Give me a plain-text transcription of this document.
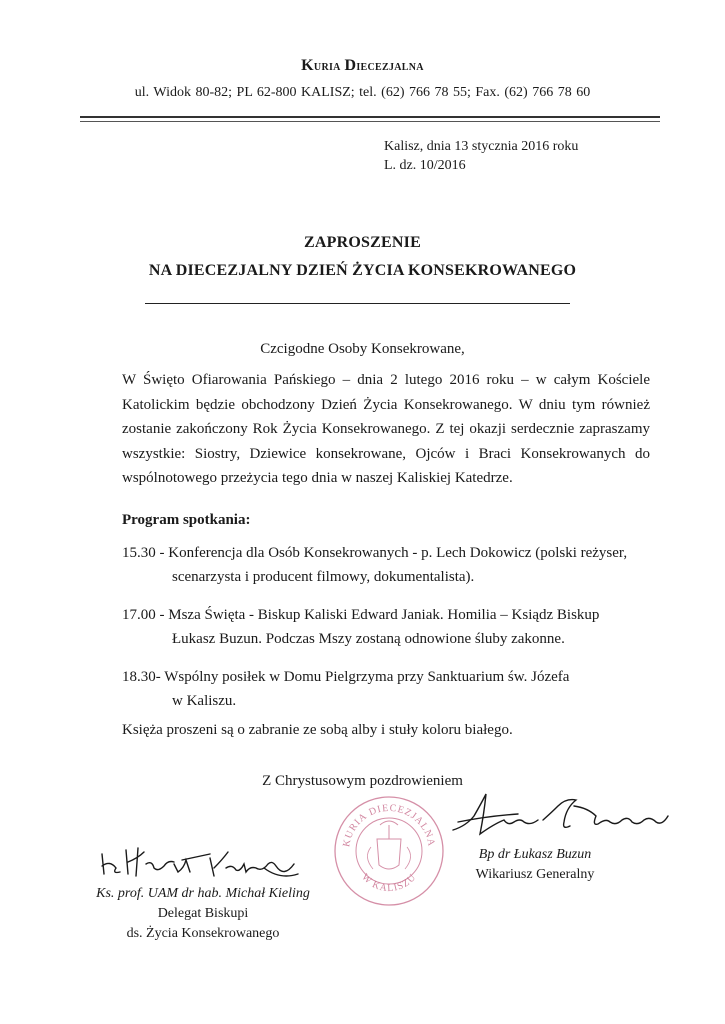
Kuria Diecezjalna
ul. Widok 80-82; PL 62-800 KALISZ; tel. (62) 766 78 55; Fax. (62) 766 78 60
Kalisz, dnia 13 stycznia 2016 roku
L. dz. 10/2016
ZAPROSZENIE
NA DIECEZJALNY DZIEŃ ŻYCIA KONSEKROWANEGO
Czcigodne Osoby Konsekrowane,

W Święto Ofiarowania Pańskiego – dnia 2 lutego 2016 roku – w całym Kościele Katolickim będzie obchodzony Dzień Życia Konsekrowanego. W dniu tym również zostanie zakończony Rok Życia Konsekrowanego. Z tej okazji serdecznie zapraszamy wszystkie: Siostry, Dziewice konsekrowane, Ojców i Braci Konsekrowanych do wspólnotowego przeżycia tego dnia w naszej Kaliskiej Katedrze.

Program spotkania:
15.30 - Konferencja dla Osób Konsekrowanych - p. Lech Dokowicz (polski reżyser,
scenarzysta i producent filmowy, dokumentalista).
17.00 - Msza Święta - Biskup Kaliski Edward Janiak. Homilia – Ksiądz Biskup
Łukasz Buzun. Podczas Mszy zostaną odnowione śluby zakonne.
18.30- Wspólny posiłek w Domu Pielgrzyma przy Sanktuarium św. Józefa
w Kaliszu.
Księża proszeni są o zabranie ze sobą alby i stuły koloru białego.
Z Chrystusowym pozdrowieniem
KURIA DIECEZJALNA
W KALISZU
Ks. prof. UAM dr hab. Michał Kieling
Delegat Biskupi
ds. Życia Konsekrowanego
Bp dr Łukasz Buzun
Wikariusz Generalny
